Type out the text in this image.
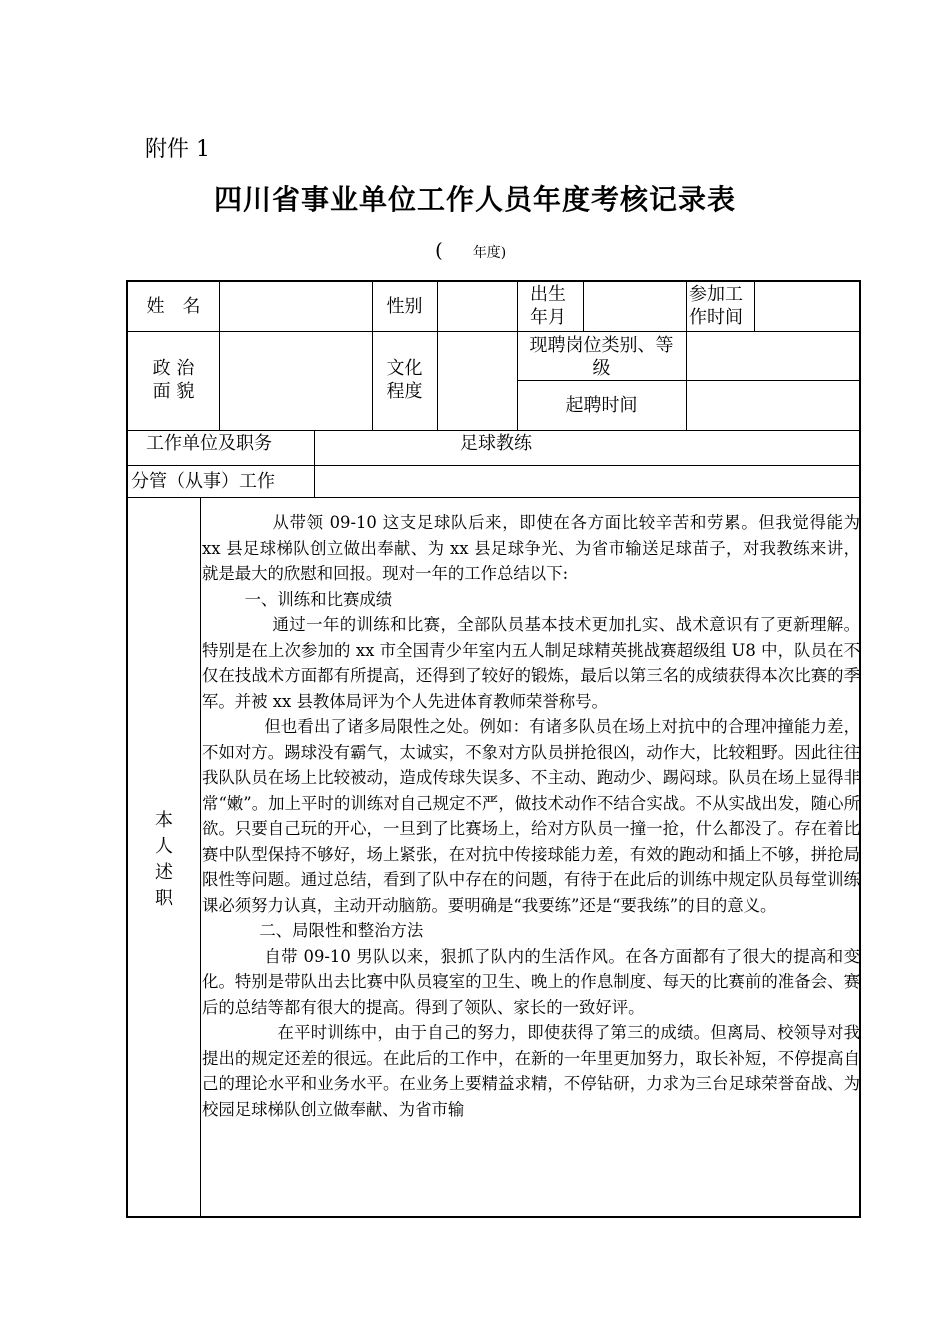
附件 1
四川省事业单位工作人员年度考核记录表
( 年度)
姓　名	性别
出生
年月
参加工
作时间
政 治
面 貌
文化
程度
现聘岗位类别、等
级
起聘时间
工作单位及职务	足球教练
分管（从事）工作
本
人
述
职

从带领 09-10 这支足球队后来，即使在各方面比较辛苦和劳累。但我觉得能为 xx 县足球梯队创立做出奉献、为 xx 县足球争光、为省市输送足球苗子，对我教练来讲，就是最大的欣慰和回报。现对一年的工作总结以下:

一、训练和比赛成绩

通过一年的训练和比赛，全部队员基本技术更加扎实、战术意识有了更新理解。特别是在上次参加的 xx 市全国青少年室内五人制足球精英挑战赛超级组 U8 中，队员在不仅在技战术方面都有所提高，还得到了较好的锻炼，最后以第三名的成绩获得本次比赛的季军。并被 xx 县教体局评为个人先进体育教师荣誉称号。

但也看出了诸多局限性之处。例如：有诸多队员在场上对抗中的合理冲撞能力差，不如对方。踢球没有霸气，太诚实，不象对方队员拼抢很凶，动作大，比较粗野。因此往往我队队员在场上比较被动，造成传球失误多、不主动、跑动少、踢闷球。队员在场上显得非常“嫩”。加上平时的训练对自己规定不严，做技术动作不结合实战。不从实战出发，随心所欲。只要自己玩的开心，一旦到了比赛场上，给对方队员一撞一抢，什么都没了。存在着比赛中队型保持不够好，场上紧张，在对抗中传接球能力差，有效的跑动和插上不够，拼抢局限性等问题。通过总结，看到了队中存在的问题，有待于在此后的训练中规定队员每堂训练课必须努力认真，主动开动脑筋。要明确是“我要练”还是“要我练”的目的意义。

二、局限性和整治方法

自带 09-10 男队以来，狠抓了队内的生活作风。在各方面都有了很大的提高和变化。特别是带队出去比赛中队员寝室的卫生、晚上的作息制度、每天的比赛前的准备会、赛后的总结等都有很大的提高。得到了领队、家长的一致好评。

在平时训练中，由于自己的努力，即使获得了第三的成绩。但离局、校领导对我提出的规定还差的很远。在此后的工作中，在新的一年里更加努力，取长补短，不停提高自己的理论水平和业务水平。在业务上要精益求精，不停钻研，力求为三台足球荣誉奋战、为校园足球梯队创立做奉献、为省市输
